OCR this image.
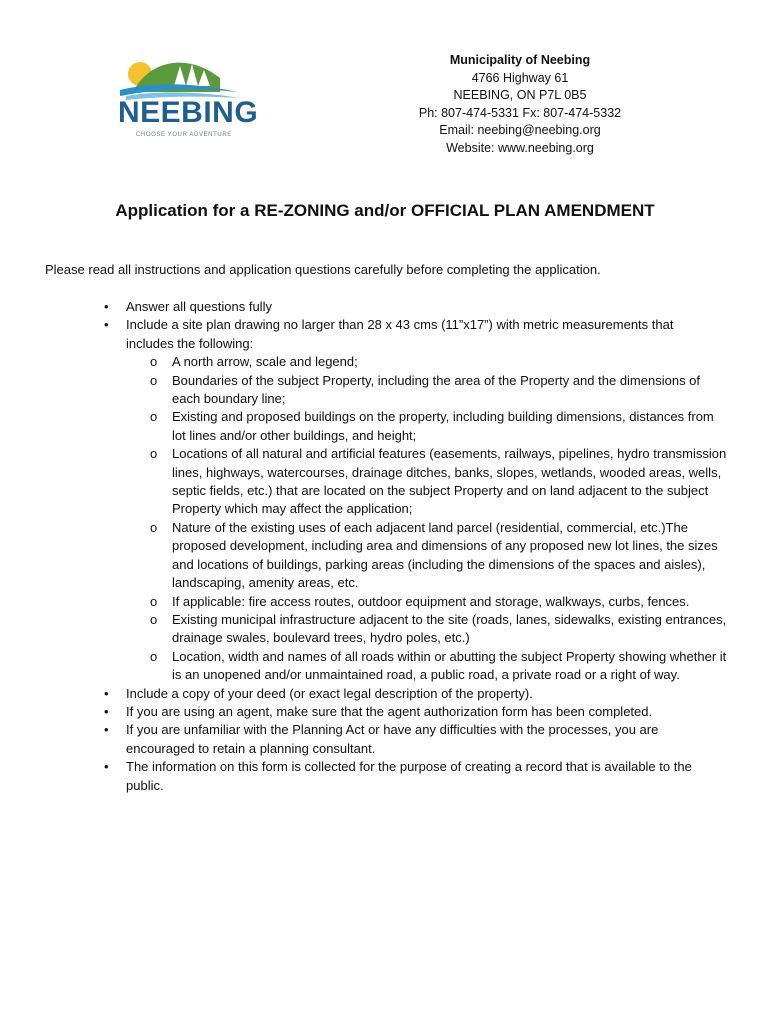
NEEBING
CHOOSE YOUR ADVENTURE
Municipality of Neebing
4766 Highway 61
NEEBING, ON P7L 0B5
Ph: 807-474-5331 Fx: 807-474-5332
Email: neebing@neebing.org
Website: www.neebing.org
Application for a RE-ZONING and/or OFFICIAL PLAN AMENDMENT
Please read all instructions and application questions carefully before completing the application.
• Answer all questions fully
• Include a site plan drawing no larger than 28 x 43 cms (11”x17”) with metric measurements that includes the following:
o A north arrow, scale and legend;
o Boundaries of the subject Property, including the area of the Property and the dimensions of each boundary line;
o Existing and proposed buildings on the property, including building dimensions, distances from lot lines and/or other buildings, and height;
o Locations of all natural and artificial features (easements, railways, pipelines, hydro transmission lines, highways, watercourses, drainage ditches, banks, slopes, wetlands, wooded areas, wells, septic fields, etc.) that are located on the subject Property and on land adjacent to the subject Property which may affect the application;
o Nature of the existing uses of each adjacent land parcel (residential, commercial, etc.)The proposed development, including area and dimensions of any proposed new lot lines, the sizes and locations of buildings, parking areas (including the dimensions of the spaces and aisles), landscaping, amenity areas, etc.
o If applicable: fire access routes, outdoor equipment and storage, walkways, curbs, fences.
o Existing municipal infrastructure adjacent to the site (roads, lanes, sidewalks, existing entrances, drainage swales, boulevard trees, hydro poles, etc.)
o Location, width and names of all roads within or abutting the subject Property showing whether it is an unopened and/or unmaintained road, a public road, a private road or a right of way.
• Include a copy of your deed (or exact legal description of the property).
• If you are using an agent, make sure that the agent authorization form has been completed.
• If you are unfamiliar with the Planning Act or have any difficulties with the processes, you are encouraged to retain a planning consultant.
• The information on this form is collected for the purpose of creating a record that is available to the public.
